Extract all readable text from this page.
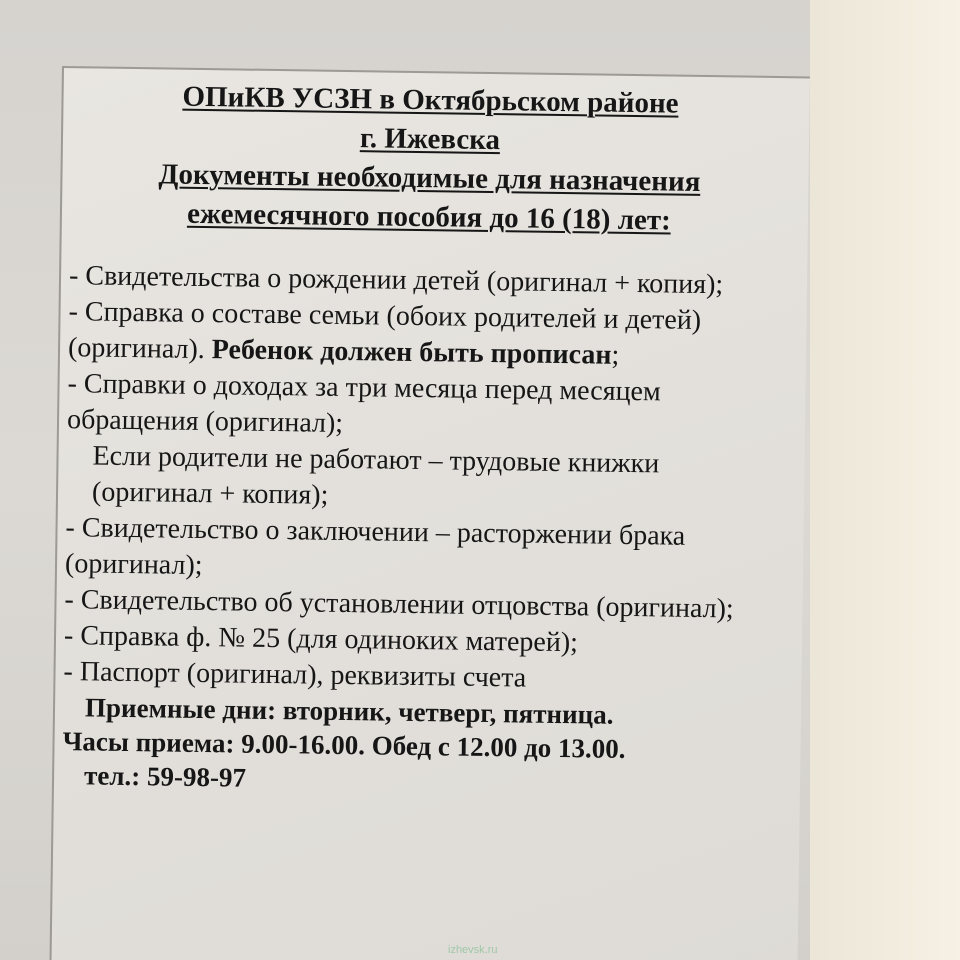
ОПиКВ УСЗН в Октябрьском районе
г. Ижевска
Документы необходимые для назначения
ежемесячного пособия до 16 (18) лет:

- Свидетельства о рождении детей (оригинал + копия);

- Справка о составе семьи (обоих родителей и детей) (оригинал). Ребенок должен быть прописан;

- Справки о доходах за три месяца перед месяцем обращения (оригинал);

Если родители не работают – трудовые книжки (оригинал + копия);

- Свидетельство о заключении – расторжении брака (оригинал);

- Свидетельство об установлении отцовства (оригинал);

- Справка ф. № 25 (для одиноких матерей);

- Паспорт (оригинал), реквизиты счета

Приемные дни: вторник, четверг, пятница.
Часы приема: 9.00-16.00. Обед с 12.00 до 13.00.
тел.: 59-98-97
izhevsk.ru
